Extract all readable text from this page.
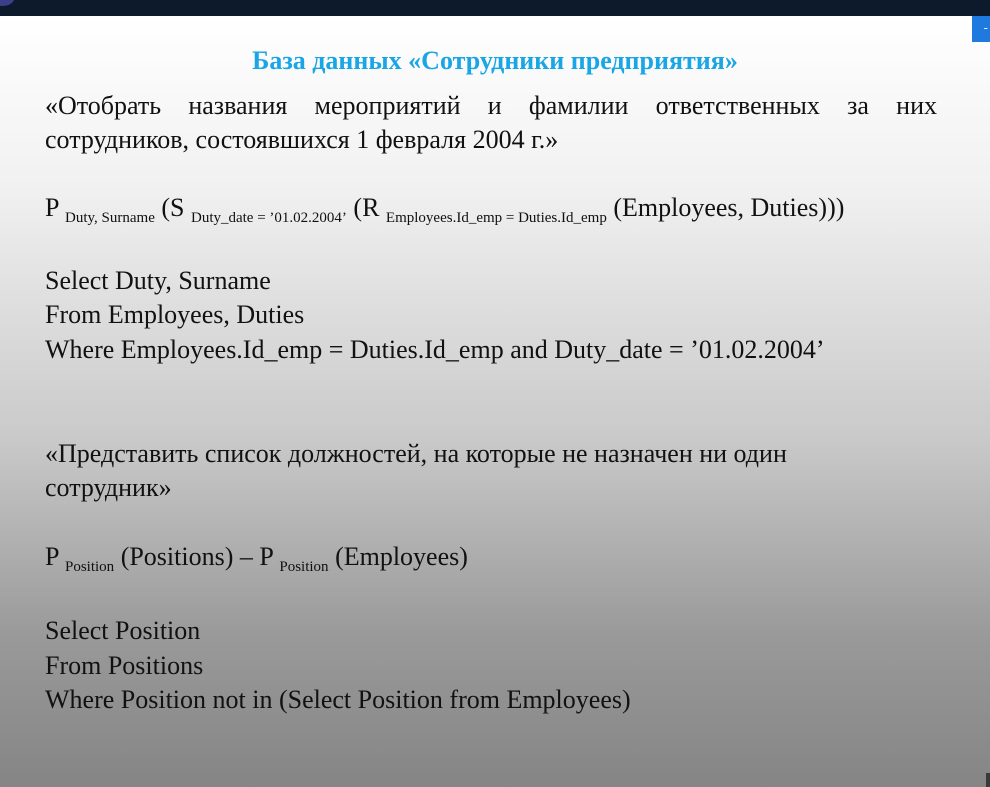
-
База данных «Сотрудники предприятия»

«Отобрать названия мероприятий и фамилии ответственных за них

сотрудников, состоявшихся 1 февраля 2004 г.»

P $_{Duty, Surname}$ (S $_{Duty\_date = ’01.02.2004’}$ (R $_{Employees.Id\_emp = Duties.Id\_emp}$ (Employees, Duties)))

Select Duty, Surname

From Employees, Duties

Where Employees.Id_emp = Duties.Id_emp and Duty_date = ’01.02.2004’

«Представить список должностей, на которые не назначен ни один

сотрудник»

P $_{Position}$ (Positions) – P $_{Position}$ (Employees)

Select Position

From Positions

Where Position not in (Select Position from Employees)
